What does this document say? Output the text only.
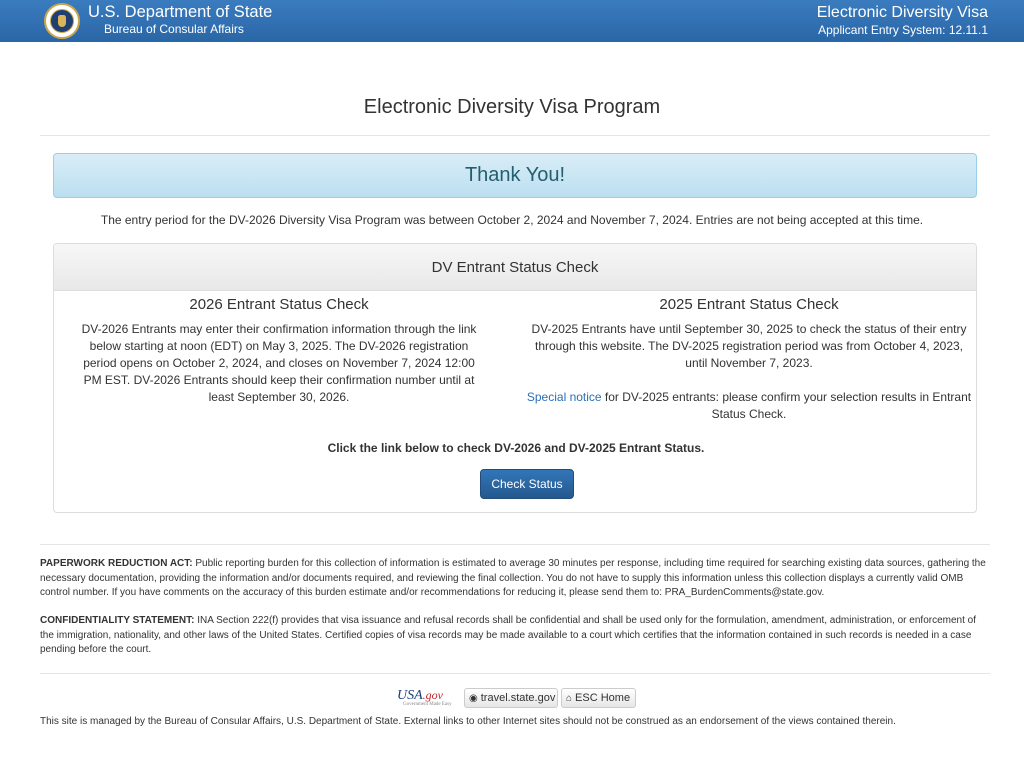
U.S. Department of State
Bureau of Consular Affairs
Electronic Diversity Visa
Applicant Entry System: 12.11.1
Electronic Diversity Visa Program
Thank You!
The entry period for the DV-2026 Diversity Visa Program was between October 2, 2024 and November 7, 2024. Entries are not being accepted at this time.
DV Entrant Status Check
2026 Entrant Status Check

DV-2026 Entrants may enter their confirmation information through the link below starting at noon (EDT) on May 3, 2025. The DV-2026 registration period opens on October 2, 2024, and closes on November 7, 2024 12:00 PM EST. DV-2026 Entrants should keep their confirmation number until at least September 30, 2026.

2025 Entrant Status Check

DV-2025 Entrants have until September 30, 2025 to check the status of their entry through this website. The DV-2025 registration period was from October 4, 2023, until November 7, 2023.

Special notice for DV-2025 entrants: please confirm your selection results in Entrant Status Check.

Click the link below to check DV-2026 and DV-2025 Entrant Status.
Check Status
PAPERWORK REDUCTION ACT: Public reporting burden for this collection of information is estimated to average 30 minutes per response, including time required for searching existing data sources, gathering the necessary documentation, providing the information and/or documents required, and reviewing the final collection. You do not have to supply this information unless this collection displays a currently valid OMB control number. If you have comments on the accuracy of this burden estimate and/or recommendations for reducing it, please send them to: PRA_BurdenComments@state.gov.
CONFIDENTIALITY STATEMENT: INA Section 222(f) provides that visa issuance and refusal records shall be confidential and shall be used only for the formulation, amendment, administration, or enforcement of the immigration, nationality, and other laws of the United States. Certified copies of visa records may be made available to a court which certifies that the information contained in such records is needed in a case pending before the court.
USA.gov
Government Made Easy
◉ travel.state.gov	⌂ ESC Home
This site is managed by the Bureau of Consular Affairs, U.S. Department of State. External links to other Internet sites should not be construed as an endorsement of the views contained therein.
